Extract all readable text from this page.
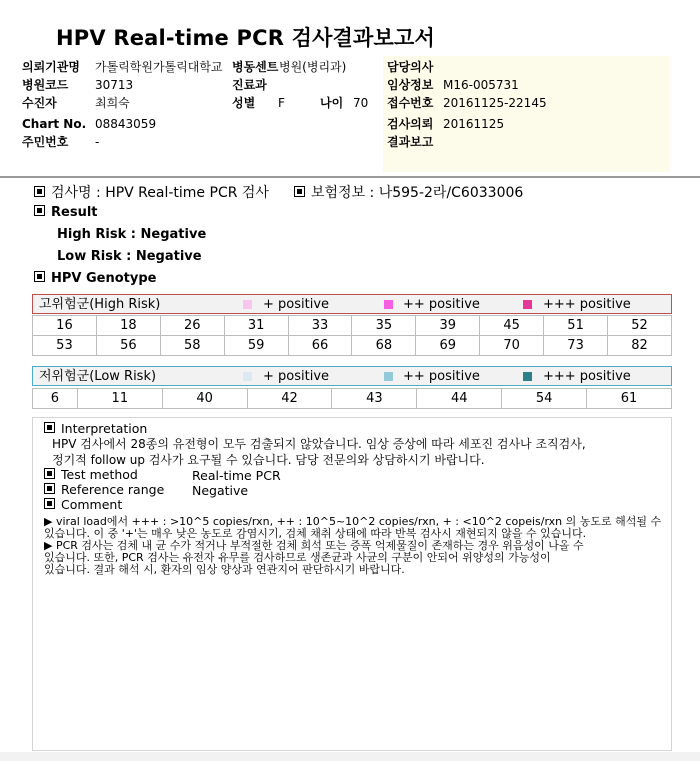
HPV Real-time PCR 검사결과보고서
의뢰기관명 가톨릭학원가톨릭대학교 병동센트 병원(병리과)
병원코드 30713	진료과
수진자	최희숙	성별 F	나이 70
Chart No. 08843059
주민번호 -
담당의사
임상정보 M16-005731
접수번호 20161125-22145
검사의뢰 20161125
결과보고
검사명 : HPV Real-time PCR 검사	보험정보 : 나595-2라/C6033006
Result
High Risk : Negative
Low Risk : Negative
HPV Genotype
고위험군(High Risk)	+ positive	++ positive	+++ positive
16	18	26	31	33	35	39	45	51	52
53	56	58	59	66	68	69	70	73	82
저위험군(Low Risk)	+ positive	++ positive	+++ positive
6	11	40	42	43	44	54	61
Interpretation
HPV 검사에서 28종의 유전형이 모두 검출되지 않았습니다. 임상 증상에 따라 세포진 검사나 조직검사,
정기적 follow up 검사가 요구될 수 있습니다. 담당 전문의와 상담하시기 바랍니다.
Test method	Real-time PCR
Reference range Negative
Comment
▶ viral load에서 +++ : >10^5 copies/rxn, ++ : 10^5~10^2 copies/rxn, + : <10^2 copeis/rxn 의 농도로 해석될 수
있습니다. 이 중 '+'는 매우 낮은 농도로 감염시기, 검체 채취 상태에 따라 반복 검사시 재현되지 않을 수 있습니다.
▶ PCR 검사는 검체 내 균 수가 적거나 부적절한 검체 희석 또는 증폭 억제물질이 존재하는 경우 위음성이 나올 수
있습니다. 또한, PCR 검사는 유전자 유무를 검사하므로 생존균과 사균의 구분이 안되어 위양성의 가능성이
있습니다. 결과 해석 시, 환자의 임상 양상과 연관지어 판단하시기 바랍니다.
